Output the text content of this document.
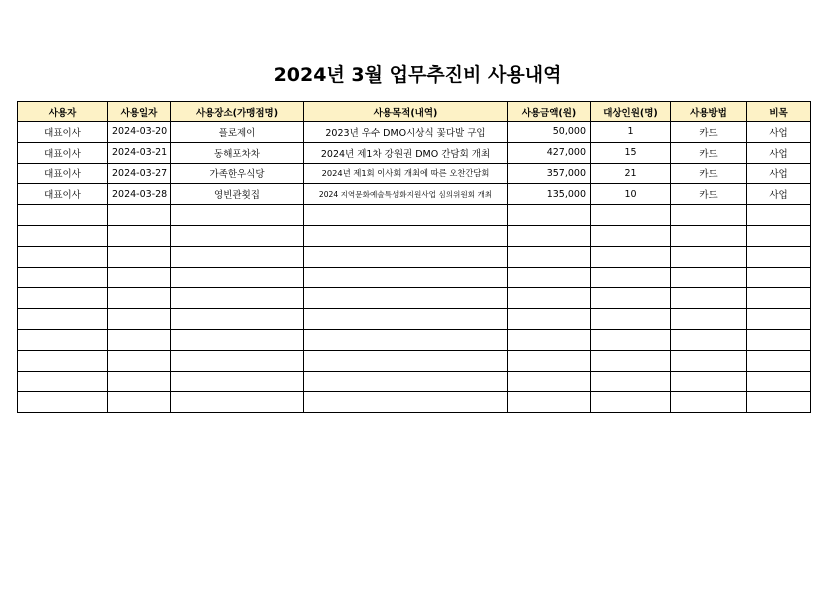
2024년 3월 업무추진비 사용내역
사용자	사용일자	사용장소(가맹점명)	사용목적(내역)	사용금액(원)	대상인원(명)	사용방법	비목
대표이사	2024-03-20	플로제이	2023년 우수 DMO시상식 꽃다발 구입	50,000	1	카드	사업
대표이사	2024-03-21	동해포차차	2024년 제1차 강원권 DMO 간담회 개최	427,000	15	카드	사업
대표이사	2024-03-27	가족한우식당	2024년 제1회 이사회 개최에 따른 오찬간담회	357,000	21	카드	사업
대표이사	2024-03-28	영빈관횟집	2024 지역문화예술특성화지원사업 심의위원회 개최	135,000	10	카드	사업
